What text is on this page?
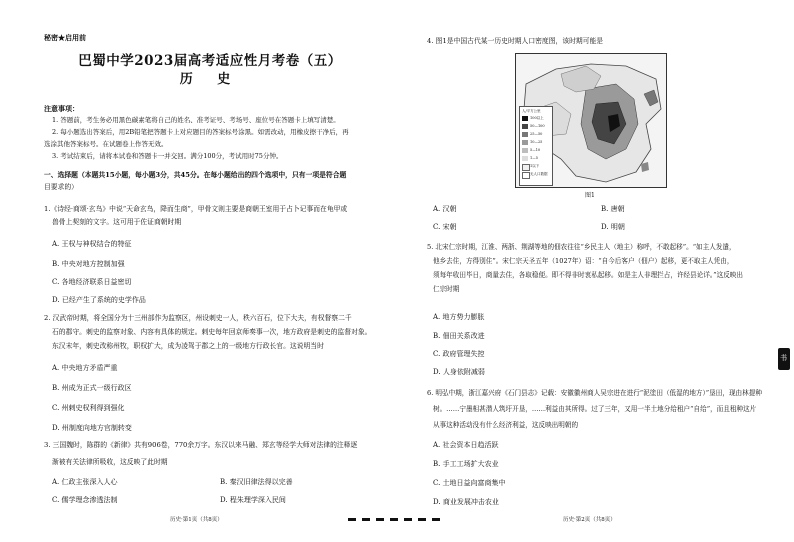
秘密★启用前
巴蜀中学2023届高考适应性月考卷（五）
历 史
注意事项：
1. 答题前，考生务必用黑色碳素笔将自己的姓名、准考证号、考场号、座位号在答题卡上填写清楚。
2. 每小题选出答案后，用2B铅笔把答题卡上对应题目的答案标号涂黑。如需改动，用橡皮擦干净后，再
选涂其他答案标号。在试题卷上作答无效。
3. 考试结束后，请将本试卷和答题卡一并交回。满分100分，考试用时75分钟。
一、选择题（本题共15小题，每小题3分，共45分。在每小题给出的四个选项中，只有一项是符合题
目要求的）
1.《诗经·商颂·玄鸟》中说“天命玄鸟，降而生商”，甲骨文则主要是商朝王室用于占卜记事而在龟甲或
兽骨上契刻的文字。这可用于佐证商朝时期
A. 王权与神权结合的特征
B. 中央对地方控制加强
C. 各地经济联系日益密切
D. 已经产生了系统的史学作品
2. 汉武帝时期，将全国分为十三州部作为监察区，州设刺史一人，秩六百石，位下大夫，有权督察二千
石的郡守。刺史的监察对象、内容有具体的规定。刺史每年回京师奏事一次，地方政府是刺史的监督对象。
东汉末年，刺史改称州牧，职权扩大，成为凌驾于郡之上的一级地方行政长官。这说明当时
A. 中央地方矛盾严重
B. 州成为正式一级行政区
C. 州刺史权利得到强化
D. 州制度向地方官制转变
3. 三国魏时，陈群的《新律》共有906卷，770余万字。东汉以来马融、郑玄等经学大师对法律的注释逐
渐被有关法律所吸收，这反映了此时期
A. 仁政主张深入人心	B. 秦汉旧律法得以完善
C. 儒学理念渗透法制	D. 程朱理学深入民间
历史·第1页（共8页）
4. 图1是中国古代某一历史时期人口密度图，该时期可能是
人/平方公里
100以上
50—100
25—50
10—25
5—10
1—5
1以下
无人口数据
图1
A. 汉朝	B. 唐朝
C. 宋朝	D. 明朝
5. 北宋仁宗时期，江淮、两浙、荆湖等地的佃农往往“乡民主人（地主）称呼，不敢起移”。“如主人发遣，
他乡去住，方得别住”。宋仁宗天圣五年（1027年）诏：“自今后客户（佃户）起移，更不取主人凭由，
须每年收田毕日，商量去住，各取稳便。即不得非时衷私起移。如是主人非理拦占，许经县论详。”这反映出
仁宗时期
A. 地方势力膨胀
B. 佃田关系改进
C. 政府管理失控
D. 人身依附减弱
6. 明弘中期，浙江嘉兴府《石门县志》记载：安徽徽州商人吴宗进在进行“泥塗田（低湿的地方）”垦田，现由林提种
树。……宁墨相甚潜人筑圩开垦，……利益由其所得。过了三年，又用一半土地分给租户“自给”，而且租种这片
从事这种活动没有什么经济利益，这反映出明朝的
A. 社会资本日趋活跃
B. 手工工场扩大农业
C. 土地日益向富商集中
D. 商业发展冲击农业
历史·第2页（共8页）
书
